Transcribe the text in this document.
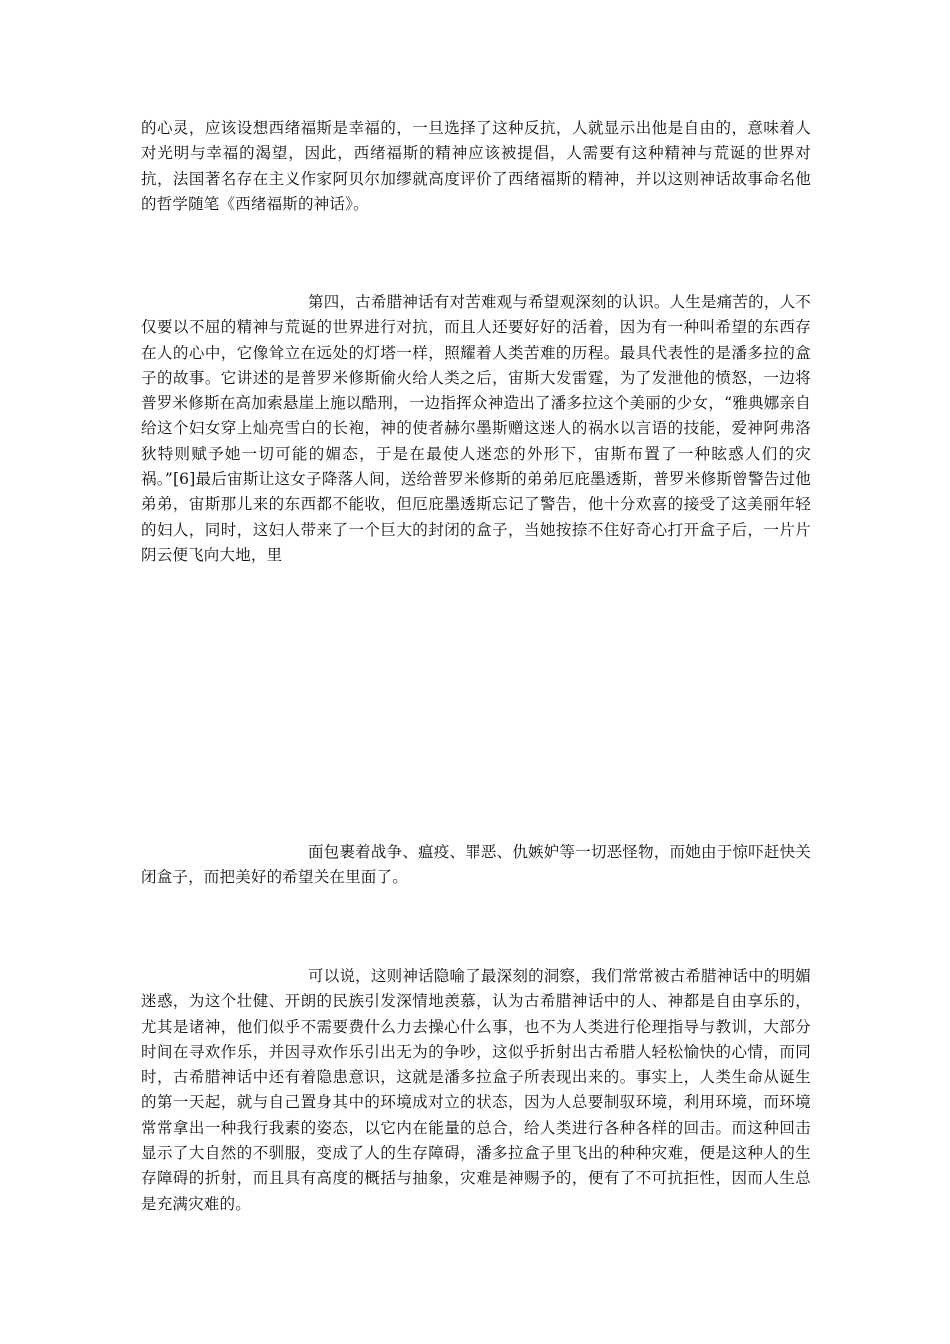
的心灵，应该设想西绪福斯是幸福的，一旦选择了这种反抗，人就显示出他是自由的，意味着人对光明与幸福的渴望，因此，西绪福斯的精神应该被提倡，人需要有这种精神与荒诞的世界对抗，法国著名存在主义作家阿贝尔加缪就高度评价了西绪福斯的精神，并以这则神话故事命名他的哲学随笔《西绪福斯的神话》。

第四，古希腊神话有对苦难观与希望观深刻的认识。人生是痛苦的，人不仅要以不屈的精神与荒诞的世界进行对抗，而且人还要好好的活着，因为有一种叫希望的东西存在人的心中，它像耸立在远处的灯塔一样，照耀着人类苦难的历程。最具代表性的是潘多拉的盒子的故事。它讲述的是普罗米修斯偷火给人类之后，宙斯大发雷霆，为了发泄他的愤怒，一边将普罗米修斯在高加索悬崖上施以酷刑，一边指挥众神造出了潘多拉这个美丽的少女，“雅典娜亲自给这个妇女穿上灿亮雪白的长袍，神的使者赫尔墨斯赠这迷人的祸水以言语的技能，爱神阿弗洛狄特则赋予她一切可能的媚态，于是在最使人迷恋的外形下，宙斯布置了一种眩惑人们的灾祸。”[6]最后宙斯让这女子降落人间，送给普罗米修斯的弟弟厄庇墨透斯，普罗米修斯曾警告过他弟弟，宙斯那儿来的东西都不能收，但厄庇墨透斯忘记了警告，他十分欢喜的接受了这美丽年轻的妇人，同时，这妇人带来了一个巨大的封闭的盒子，当她按捺不住好奇心打开盒子后，一片片阴云便飞向大地，里

面包裹着战争、瘟疫、罪恶、仇嫉妒等一切恶怪物，而她由于惊吓赶快关闭盒子，而把美好的希望关在里面了。

可以说，这则神话隐喻了最深刻的洞察，我们常常被古希腊神话中的明媚迷惑，为这个壮健、开朗的民族引发深情地羡慕，认为古希腊神话中的人、神都是自由享乐的，尤其是诸神，他们似乎不需要费什么力去操心什么事，也不为人类进行伦理指导与教训，大部分时间在寻欢作乐，并因寻欢作乐引出无为的争吵，这似乎折射出古希腊人轻松愉快的心情，而同时，古希腊神话中还有着隐患意识，这就是潘多拉盒子所表现出来的。事实上，人类生命从诞生的第一天起，就与自己置身其中的环境成对立的状态，因为人总要制驭环境，利用环境，而环境常常拿出一种我行我素的姿态，以它内在能量的总合，给人类进行各种各样的回击。而这种回击显示了大自然的不驯服，变成了人的生存障碍，潘多拉盒子里飞出的种种灾难，便是这种人的生存障碍的折射，而且具有高度的概括与抽象，灾难是神赐予的，便有了不可抗拒性，因而人生总是充满灾难的。
